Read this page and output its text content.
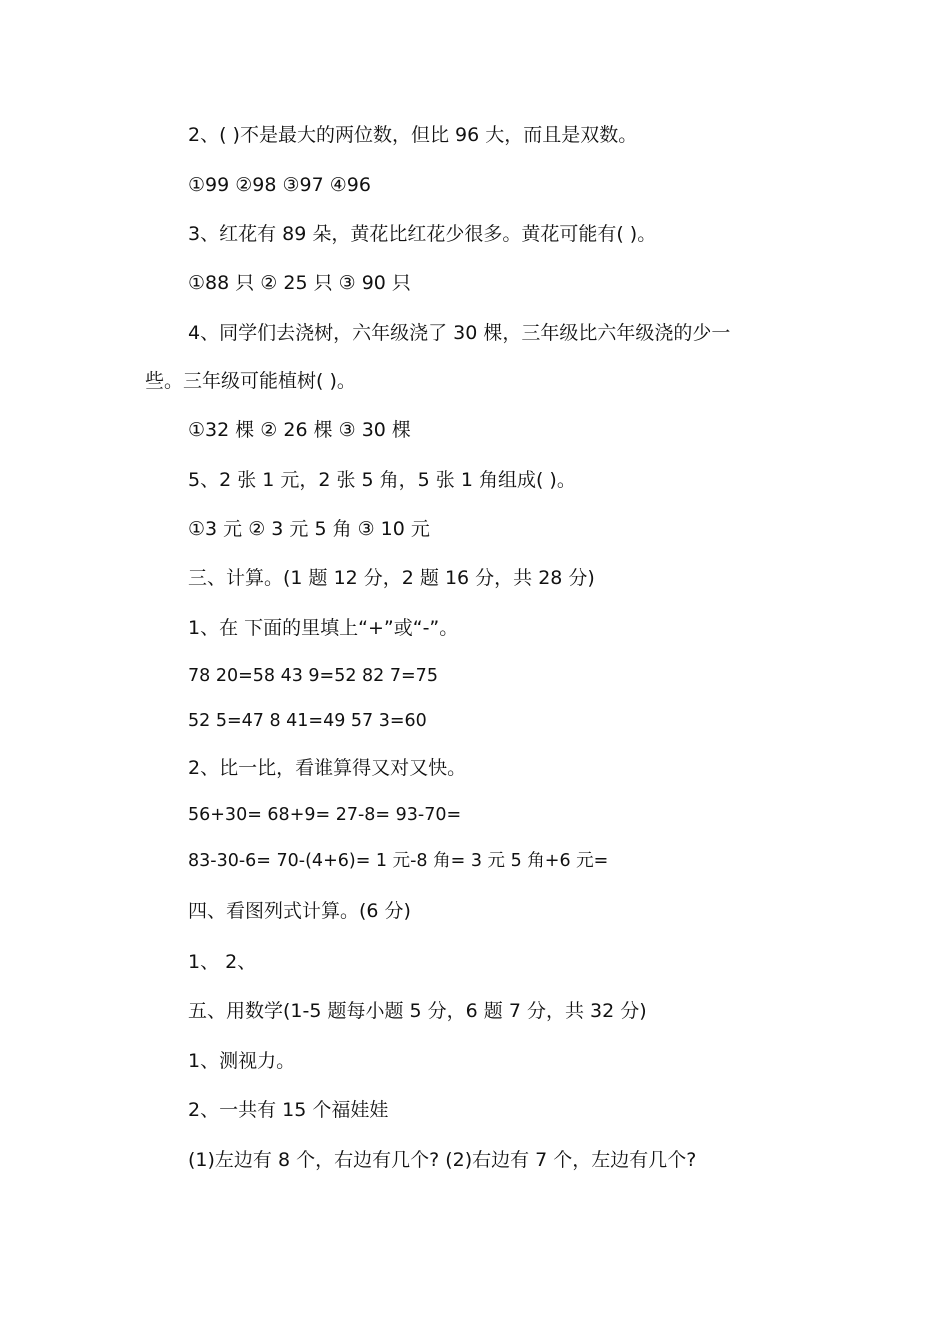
2、( )不是最大的两位数，但比 96 大，而且是双数。
①99 ②98 ③97 ④96
3、红花有 89 朵，黄花比红花少很多。黄花可能有( )。
①88 只 ② 25 只 ③ 90 只
4、同学们去浇树，六年级浇了 30 棵，三年级比六年级浇的少一
些。三年级可能植树( )。
①32 棵 ② 26 棵 ③ 30 棵
5、2 张 1 元，2 张 5 角，5 张 1 角组成( )。
①3 元 ② 3 元 5 角 ③ 10 元
三、计算。(1 题 12 分，2 题 16 分，共 28 分)
1、在 下面的里填上“+”或“-”。
78 20=58 43 9=52 82 7=75
52 5=47 8 41=49 57 3=60
2、比一比，看谁算得又对又快。
56+30= 68+9= 27-8= 93-70=
83-30-6= 70-(4+6)= 1 元-8 角= 3 元 5 角+6 元=
四、看图列式计算。(6 分)
1、 2、
五、用数学(1-5 题每小题 5 分，6 题 7 分，共 32 分)
1、测视力。
2、一共有 15 个福娃娃
(1)左边有 8 个，右边有几个? (2)右边有 7 个，左边有几个?
